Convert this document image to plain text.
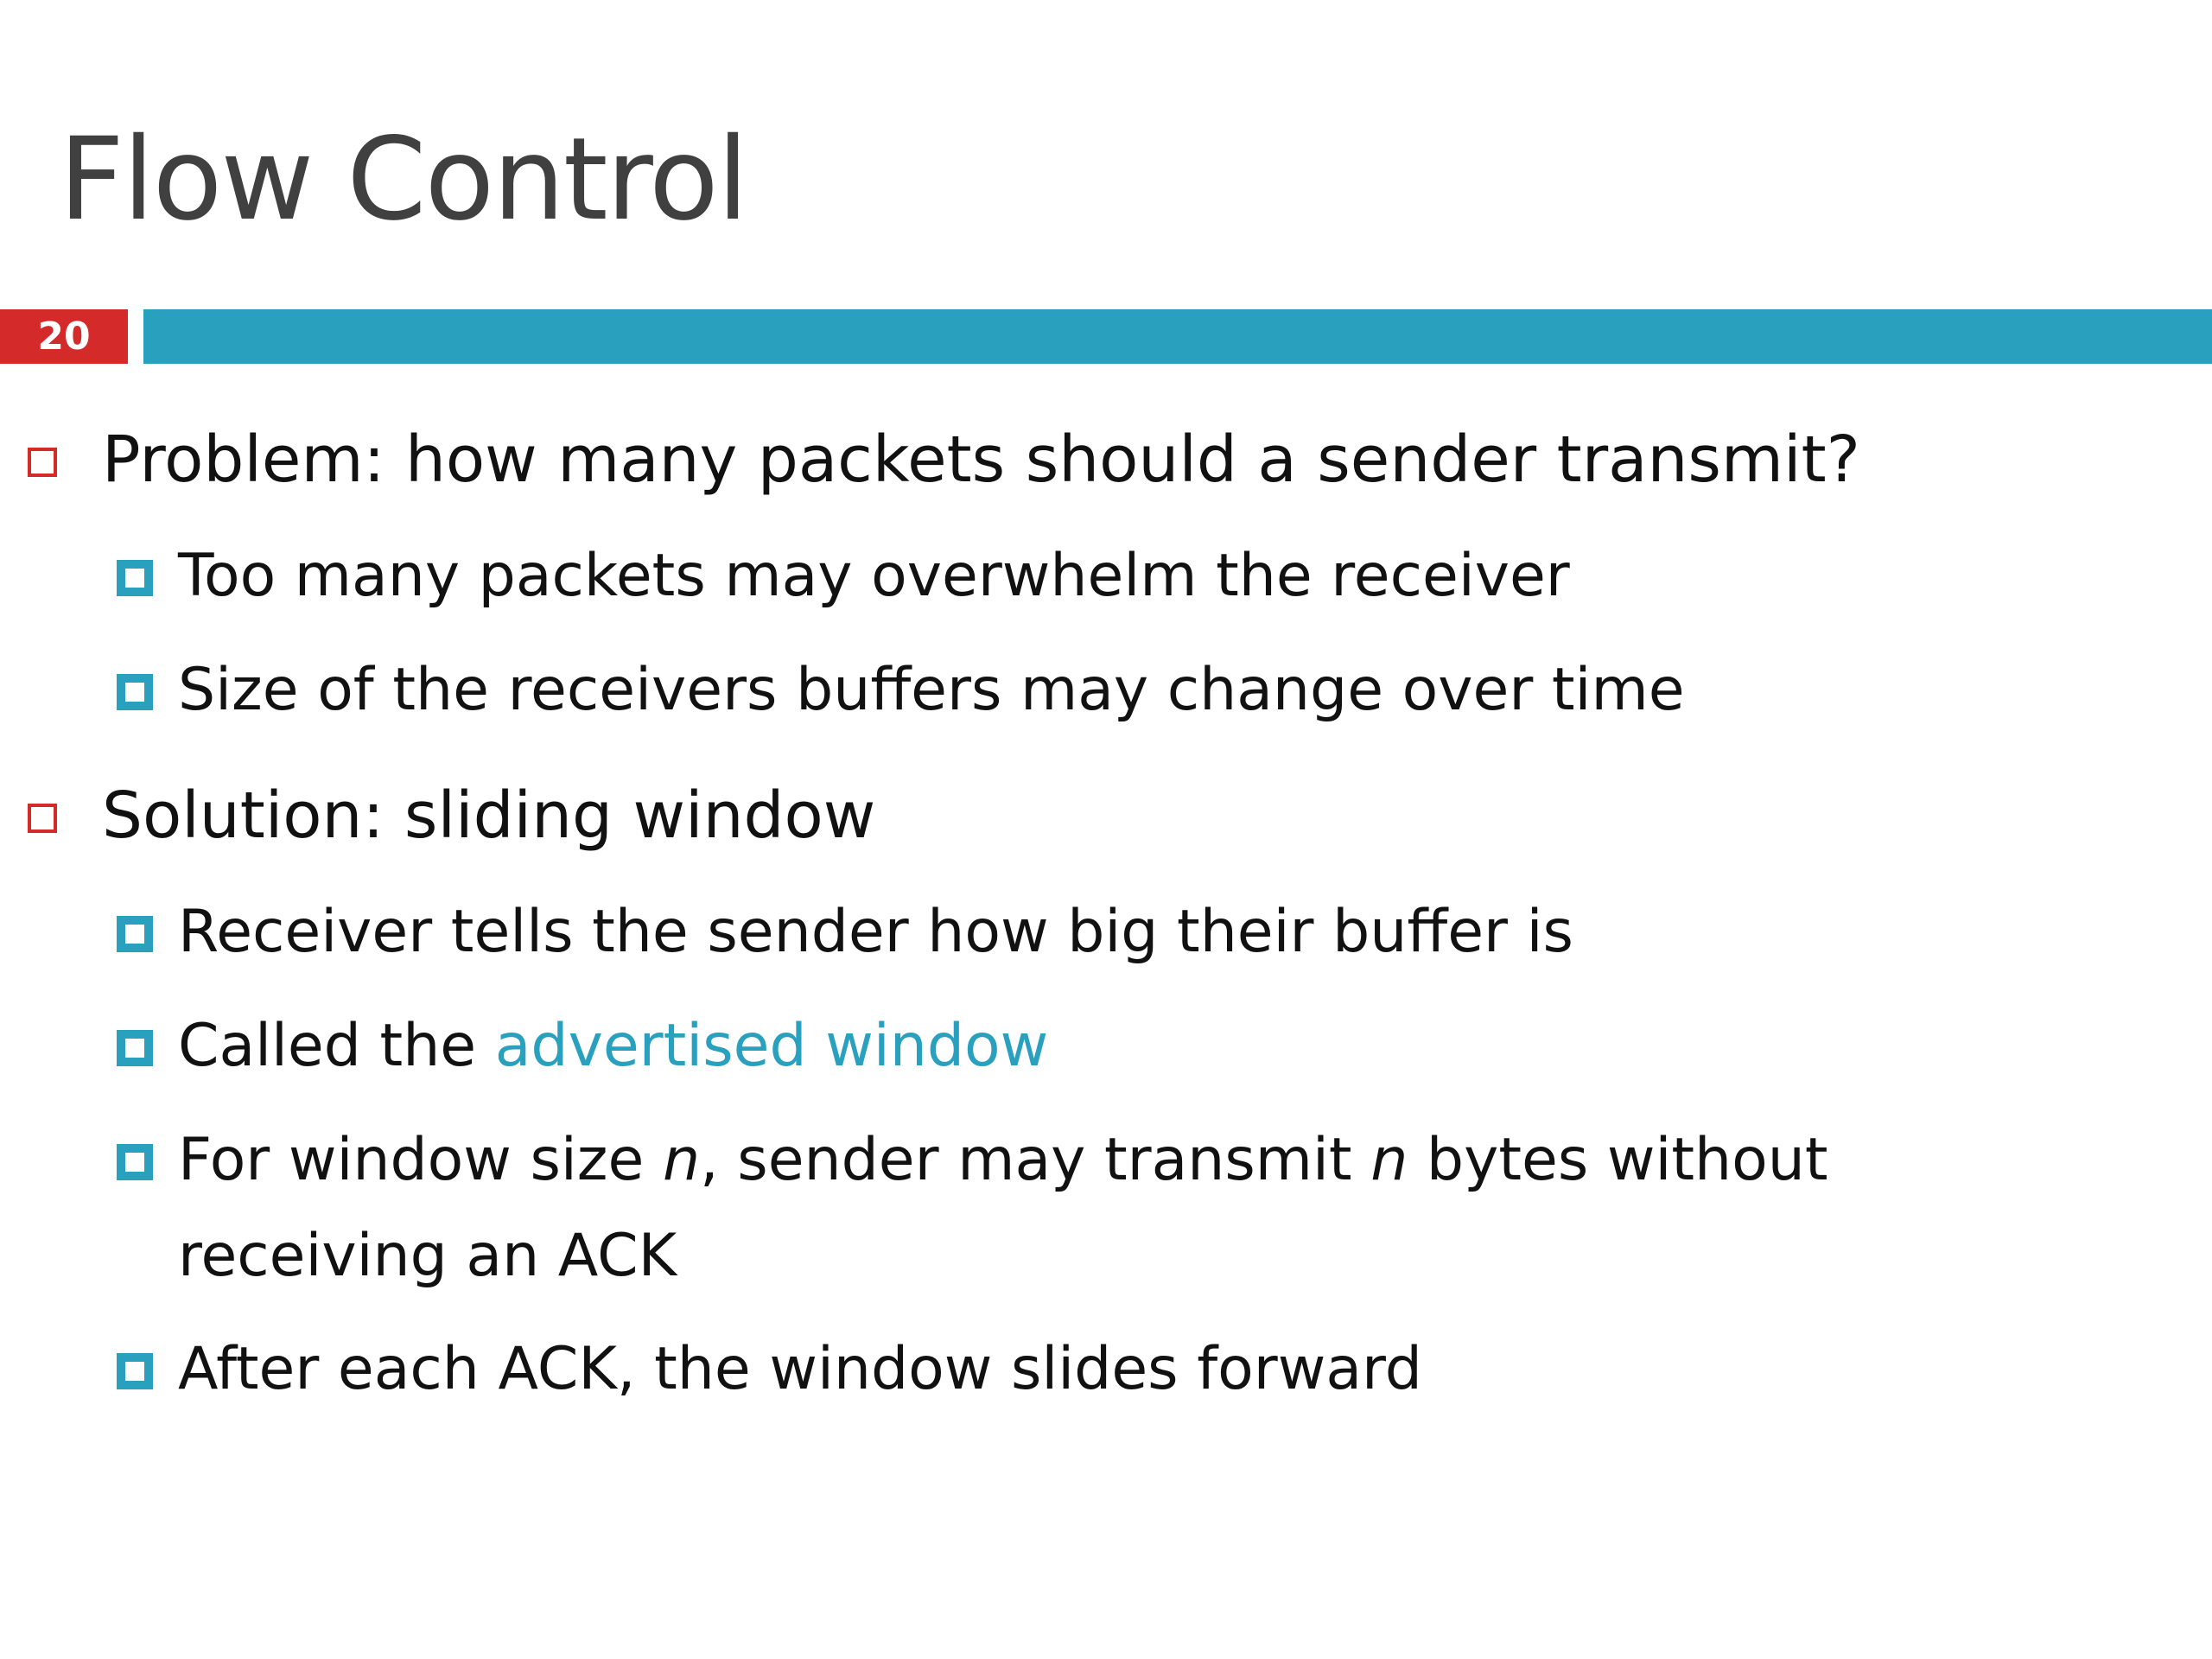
Flow Control
20
Problem: how many packets should a sender transmit?
Too many packets may overwhelm the receiver
Size of the receivers buffers may change over time
Solution: sliding window
Receiver tells the sender how big their buffer is
Called the advertised window
For window size n, sender may transmit n bytes without
receiving an ACK
After each ACK, the window slides forward
